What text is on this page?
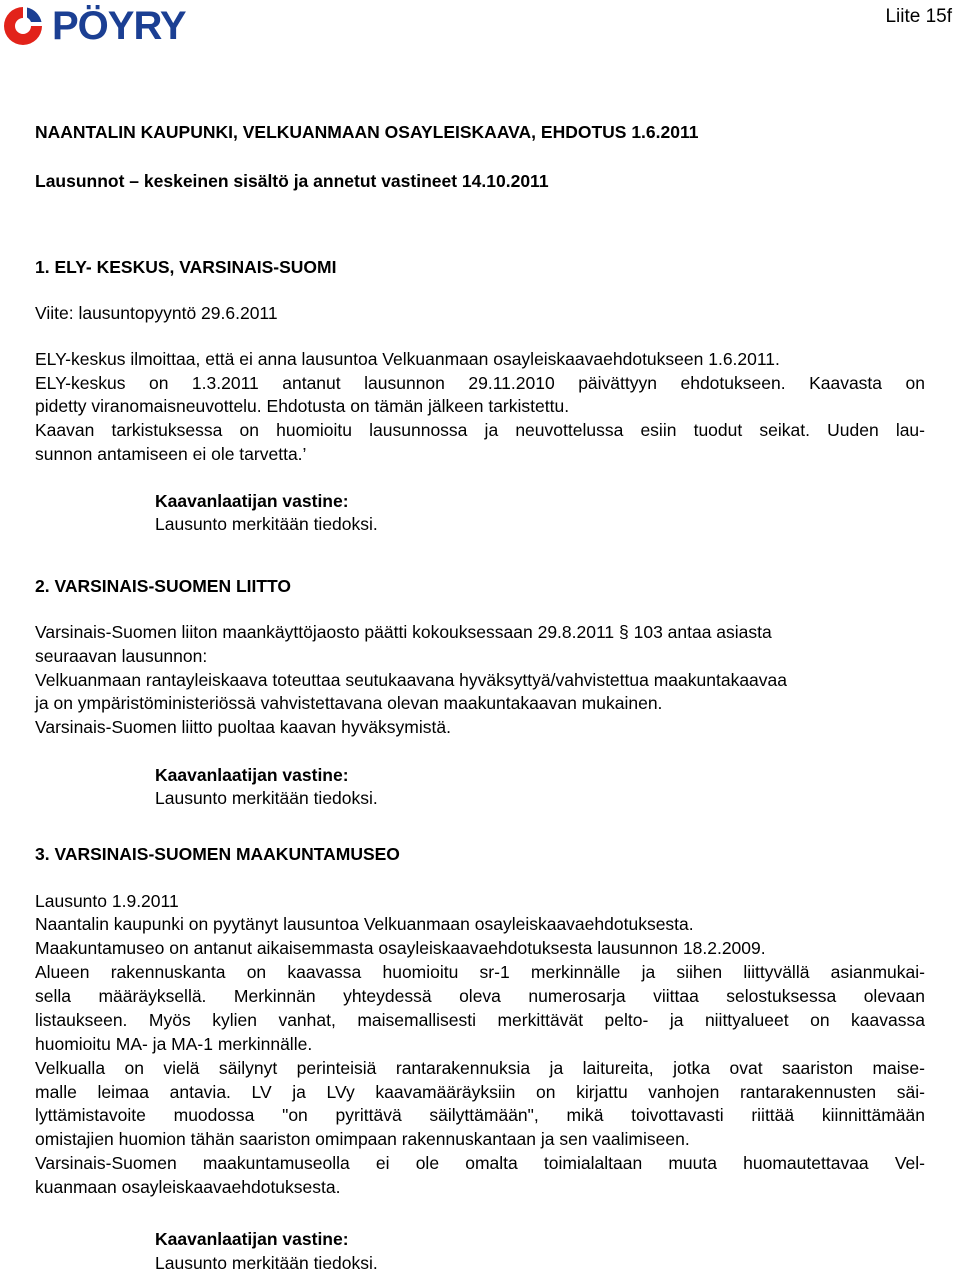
PÖYRY	Liite 15f
NAANTALIN KAUPUNKI, VELKUANMAAN OSAYLEISKAAVA, EHDOTUS 1.6.2011
Lausunnot – keskeinen sisältö ja annetut vastineet 14.10.2011
1. ELY- KESKUS, VARSINAIS-SUOMI
Viite: lausuntopyyntö 29.6.2011
ELY-keskus ilmoittaa, että ei anna lausuntoa Velkuanmaan osayleiskaavaehdotukseen 1.6.2011.
ELY-keskus on 1.3.2011 antanut lausunnon 29.11.2010 päivättyyn ehdotukseen. Kaavasta on
pidetty viranomaisneuvottelu. Ehdotusta on tämän jälkeen tarkistettu.
Kaavan tarkistuksessa on huomioitu lausunnossa ja neuvottelussa esiin tuodut seikat. Uuden lau-
sunnon antamiseen ei ole tarvetta.’
Kaavanlaatijan vastine:
Lausunto merkitään tiedoksi.
2. VARSINAIS-SUOMEN LIITTO
Varsinais-Suomen liiton maankäyttöjaosto päätti kokouksessaan 29.8.2011 § 103 antaa asiasta
seuraavan lausunnon:
Velkuanmaan rantayleiskaava toteuttaa seutukaavana hyväksyttyä/vahvistettua maakuntakaavaa
ja on ympäristöministeriössä vahvistettavana olevan maakuntakaavan mukainen.
Varsinais-Suomen liitto puoltaa kaavan hyväksymistä.
Kaavanlaatijan vastine:
Lausunto merkitään tiedoksi.
3. VARSINAIS-SUOMEN MAAKUNTAMUSEO
Lausunto 1.9.2011
Naantalin kaupunki on pyytänyt lausuntoa Velkuanmaan osayleiskaavaehdotuksesta.
Maakuntamuseo on antanut aikaisemmasta osayleiskaavaehdotuksesta lausunnon 18.2.2009.
Alueen rakennuskanta on kaavassa huomioitu sr-1 merkinnälle ja siihen liittyvällä asianmukai-
sella määräyksellä. Merkinnän yhteydessä oleva numerosarja viittaa selostuksessa olevaan
listaukseen. Myös kylien vanhat, maisemallisesti merkittävät pelto- ja niittyalueet on kaavassa
huomioitu MA- ja MA-1 merkinnälle.
Velkualla on vielä säilynyt perinteisiä rantarakennuksia ja laitureita, jotka ovat saariston maise-
malle leimaa antavia. LV ja LVy kaavamääräyksiin on kirjattu vanhojen rantarakennusten säi-
lyttämistavoite muodossa "on pyrittävä säilyttämään", mikä toivottavasti riittää kiinnittämään
omistajien huomion tähän saariston omimpaan rakennuskantaan ja sen vaalimiseen.
Varsinais-Suomen maakuntamuseolla ei ole omalta toimialaltaan muuta huomautettavaa Vel-
kuanmaan osayleiskaavaehdotuksesta.
Kaavanlaatijan vastine:
Lausunto merkitään tiedoksi.
